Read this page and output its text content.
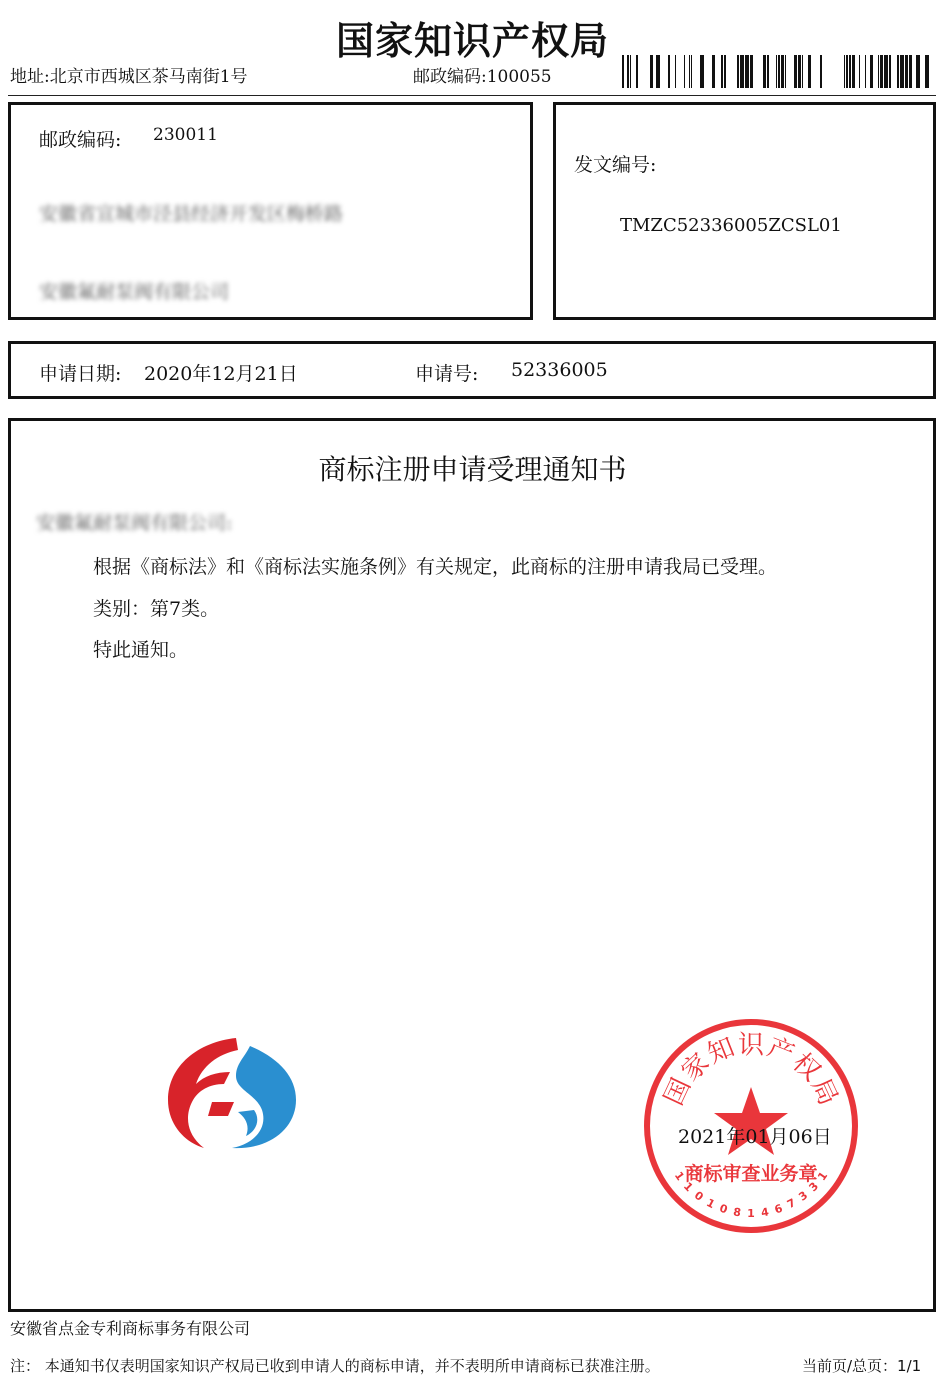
国家知识产权局
地址:北京市西城区茶马南街1号	邮政编码:100055
邮政编码: 230011
安徽省宣城市泾县经济开发区梅桥路
安徽氟耐泵阀有限公司
发文编号:
TMZC52336005ZCSL01
申请日期: 2020年12月21日	申请号: 52336005
商标注册申请受理通知书
安徽氟耐泵阀有限公司:
根据《商标法》和《商标法实施条例》有关规定，此商标的注册申请我局已受理。
类别：第7类。
特此通知。
国
家
知 识 产
权
局
商标审查业务章
1
1
0
1 0 8 1 4 6 7
3
3
1
2021年01月06日
安徽省点金专利商标事务有限公司
注： 本通知书仅表明国家知识产权局已收到申请人的商标申请，并不表明所申请商标已获准注册。	当前页/总页：1/1
